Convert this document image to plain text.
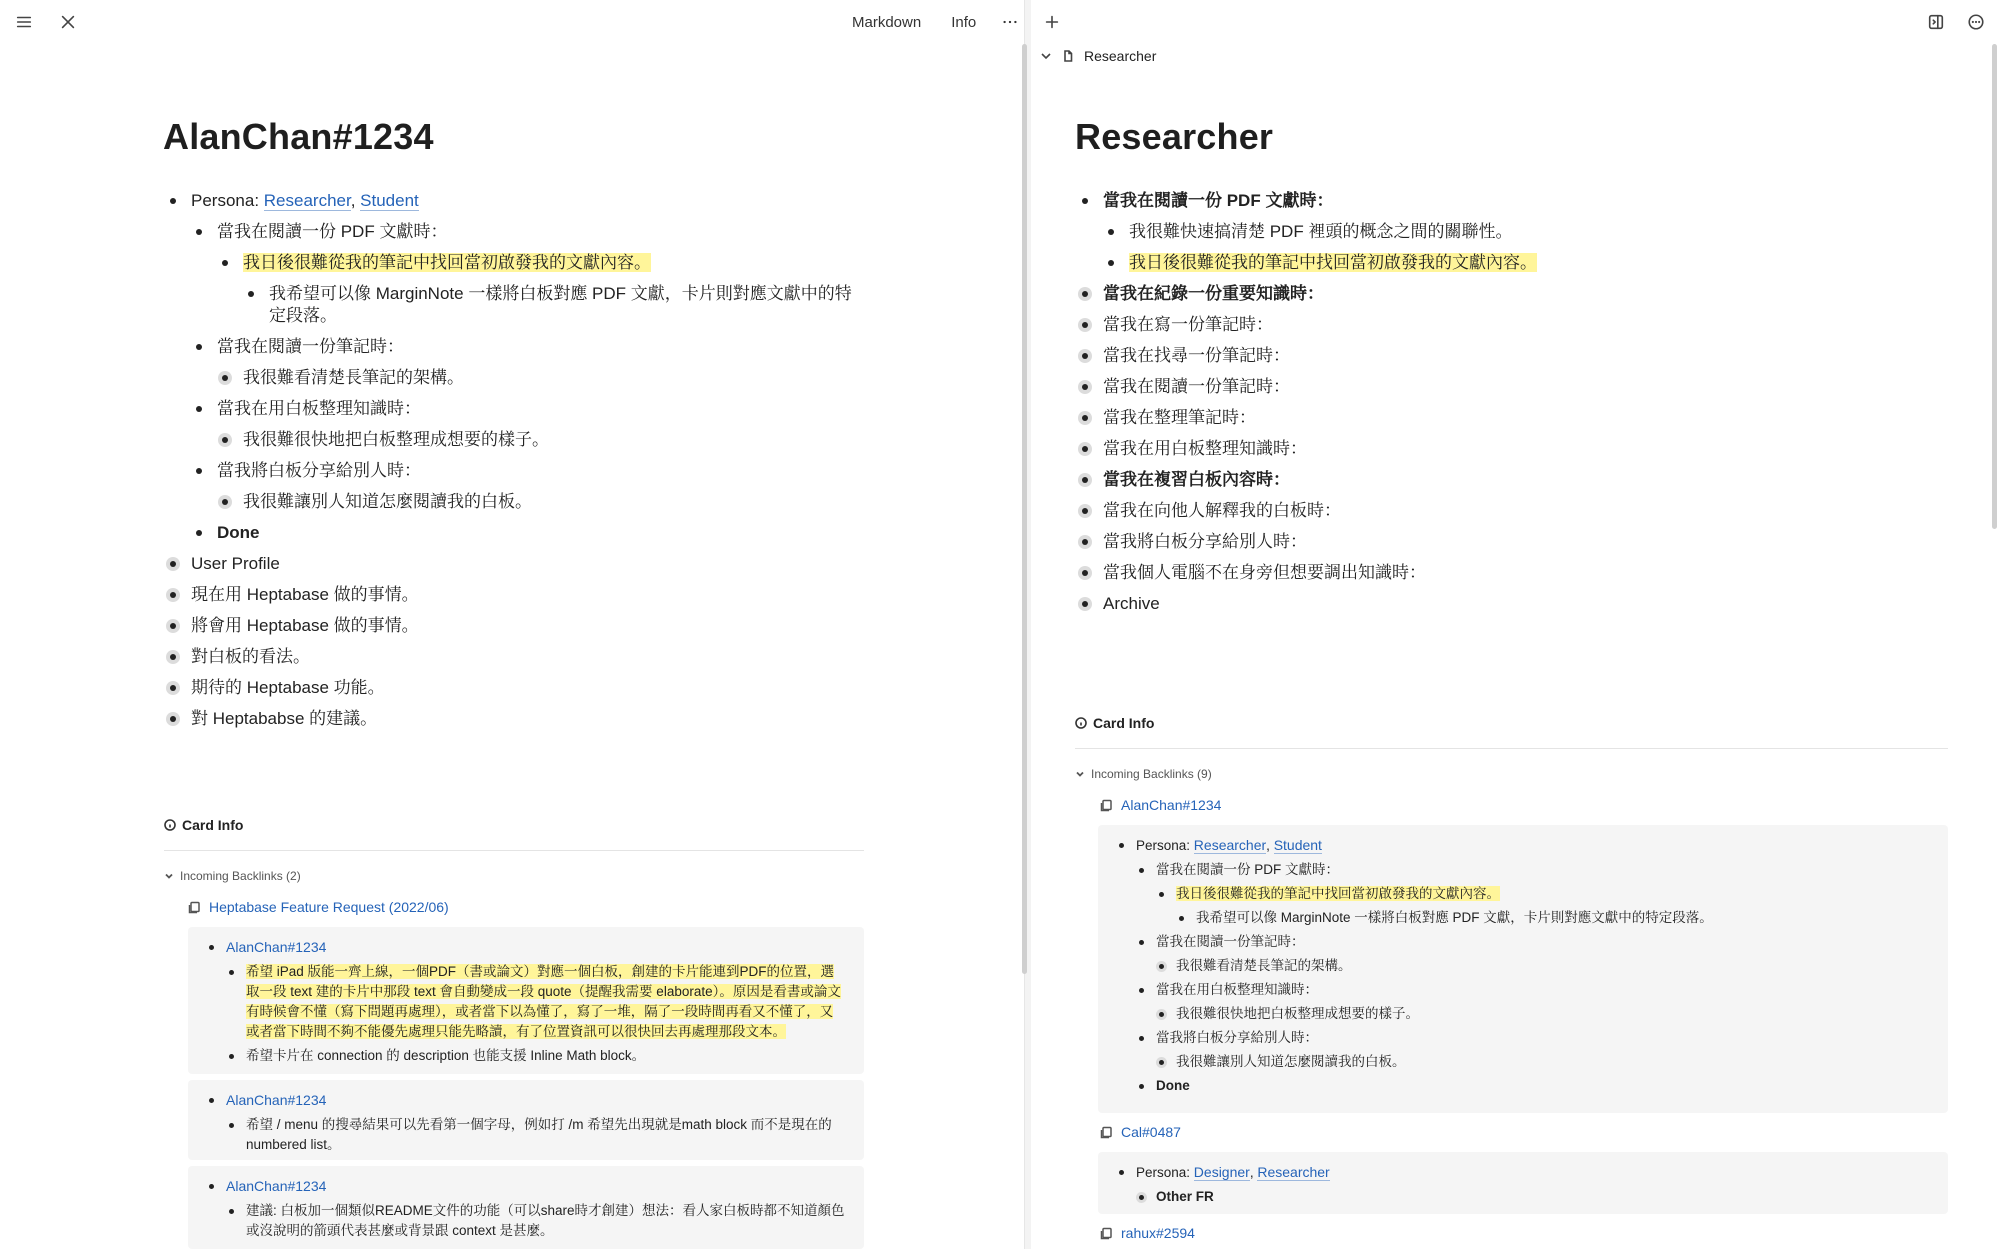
Markdown Info
AlanChan#1234
Persona: Researcher, Student
當我在閱讀一份 PDF 文獻時：
我日後很難從我的筆記中找回當初啟發我的文獻內容。
我希望可以像 MarginNote 一樣將白板對應 PDF 文獻，卡片則對應文獻中的特定段落。
當我在閱讀一份筆記時：
我很難看清楚長筆記的架構。
當我在用白板整理知識時：
我很難很快地把白板整理成想要的樣子。
當我將白板分享給別人時：
我很難讓別人知道怎麼閱讀我的白板。
Done
User Profile
現在用 Heptabase 做的事情。
將會用 Heptabase 做的事情。
對白板的看法。
期待的 Heptabase 功能。
對 Heptababse 的建議。
Card Info
Incoming Backlinks (2)
Heptabase Feature Request (2022/06)
AlanChan#1234
希望 iPad 版能一齊上線，一個PDF（書或論文）對應一個白板，創建的卡片能連到PDF的位置，選取一段 text 建的卡片中那段 text 會自動變成一段 quote（提醒我需要 elaborate）。原因是看書或論文有時候會不懂（寫下問題再處理），或者當下以為懂了，寫了一堆，隔了一段時間再看又不懂了，又或者當下時間不夠不能優先處理只能先略讀，有了位置資訊可以很快回去再處理那段文本。
希望卡片在 connection 的 description 也能支援 Inline Math block。
AlanChan#1234
希望 / menu 的搜尋結果可以先看第一個字母，例如打 /m 希望先出現就是math block 而不是現在的 numbered list。
AlanChan#1234
建議: 白板加一個類似README文件的功能（可以share時才創建）想法：看人家白板時都不知道顏色或沒說明的箭頭代表甚麼或背景跟 context 是甚麼。
Researcher
Researcher
當我在閱讀一份 PDF 文獻時：
我很難快速搞清楚 PDF 裡頭的概念之間的關聯性。
我日後很難從我的筆記中找回當初啟發我的文獻內容。
當我在紀錄一份重要知識時：
當我在寫一份筆記時：
當我在找尋一份筆記時：
當我在閱讀一份筆記時：
當我在整理筆記時：
當我在用白板整理知識時：
當我在複習白板內容時：
當我在向他人解釋我的白板時：
當我將白板分享給別人時：
當我個人電腦不在身旁但想要調出知識時：
Archive
Card Info
Incoming Backlinks (9)
AlanChan#1234
Persona: Researcher, Student
當我在閱讀一份 PDF 文獻時：
我日後很難從我的筆記中找回當初啟發我的文獻內容。
我希望可以像 MarginNote 一樣將白板對應 PDF 文獻，卡片則對應文獻中的特定段落。
當我在閱讀一份筆記時：
我很難看清楚長筆記的架構。
當我在用白板整理知識時：
我很難很快地把白板整理成想要的樣子。
當我將白板分享給別人時：
我很難讓別人知道怎麼閱讀我的白板。
Done
Cal#0487
Persona: Designer, Researcher
Other FR
rahux#2594
